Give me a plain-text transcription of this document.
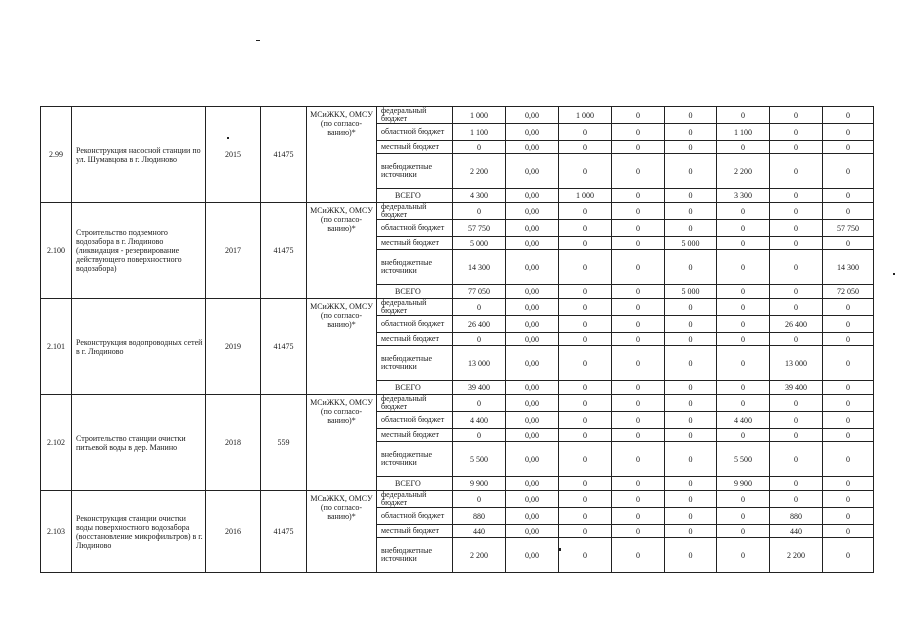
2.99	Реконструкция насосной станции по ул. Шумавцова в г. Людиново	2015	41475	МСиЖКХ, ОМСУ (по согласо-ванию)*	федеральный бюджет	1 000	0,00	1 000	0	0	0	0	0
					областной бюджет	1 100	0,00	0	0	0	1 100	0	0
					местный бюджет	0	0,00	0	0	0	0	0	0
					внебюджетные источники	2 200	0,00	0	0	0	2 200	0	0
					ВСЕГО	4 300	0,00	1 000	0	0	3 300	0	0
2.100	Строительство подземного водозабора в г. Людиново (ликвидация - резервирование действующего поверхностного водозабора)	2017	41475	МСиЖКХ, ОМСУ (по согласо-ванию)*	федеральный бюджет	0	0,00	0	0	0	0	0	0
					областной бюджет	57 750	0,00	0	0	0	0	0	57 750
					местный бюджет	5 000	0,00	0	0	5 000	0	0	0
					внебюджетные источники	14 300	0,00	0	0	0	0	0	14 300
					ВСЕГО	77 050	0,00	0	0	5 000	0	0	72 050
2.101	Реконструкция водопроводных сетей в г. Людиново	2019	41475	МСиЖКХ, ОМСУ (по согласо-ванию)*	федеральный бюджет	0	0,00	0	0	0	0	0	0
					областной бюджет	26 400	0,00	0	0	0	0	26 400	0
					местный бюджет	0	0,00	0	0	0	0	0	0
					внебюджетные источники	13 000	0,00	0	0	0	0	13 000	0
					ВСЕГО	39 400	0,00	0	0	0	0	39 400	0
2.102	Строительство станции очистки питьевой воды в дер. Манино	2018	559	МСиЖКХ, ОМСУ (по согласо-ванию)*	федеральный бюджет	0	0,00	0	0	0	0	0	0
					областной бюджет	4 400	0,00	0	0	0	4 400	0	0
					местный бюджет	0	0,00	0	0	0	0	0	0
					внебюджетные источники	5 500	0,00	0	0	0	5 500	0	0
					ВСЕГО	9 900	0,00	0	0	0	9 900	0	0
2.103	Реконструкция станции очистки воды поверхностного водозабора (восстановление микрофильтров) в г. Людиново	2016	41475	МСвЖКХ, ОМСУ (по согласо-ванию)*	федеральный бюджет	0	0,00	0	0	0	0	0	0
					областной бюджет	880	0,00	0	0	0	0	880	0
					местный бюджет	440	0,00	0	0	0	0	440	0
					внебюджетные источники	2 200	0,00	0	0	0	0	2 200	0
